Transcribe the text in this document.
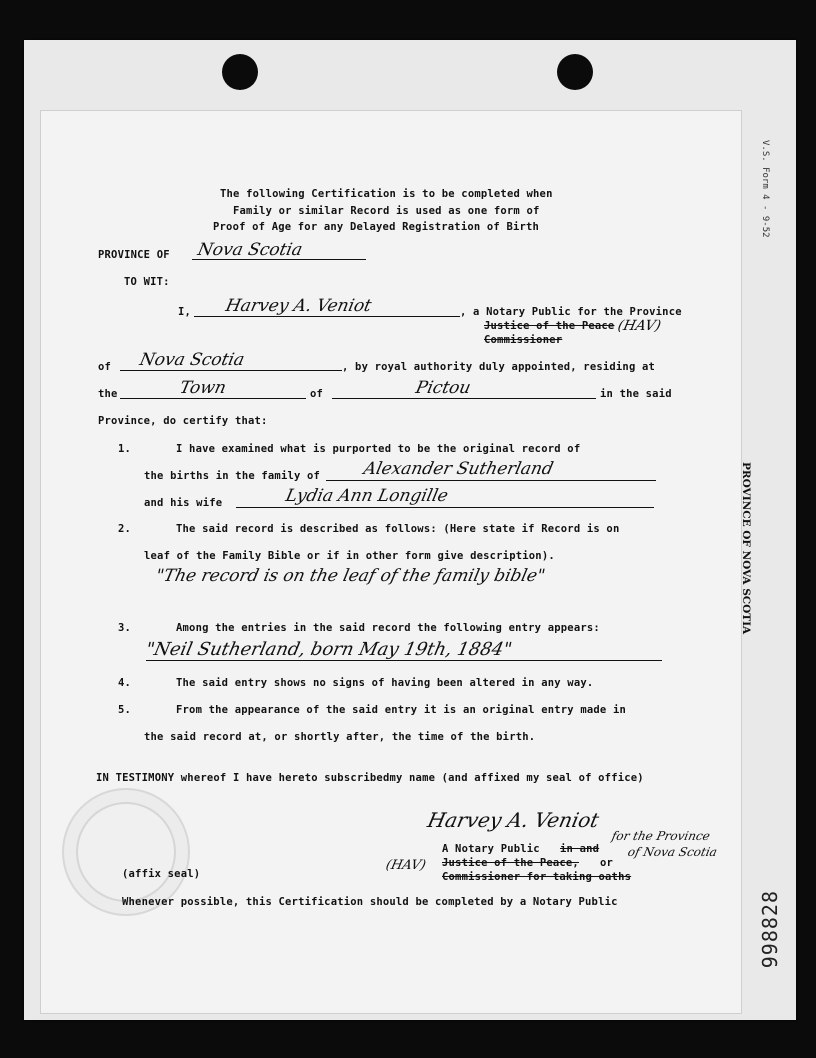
V.S. Form 4 - 9-52
PROVINCE OF NOVA SCOTIA
998828
The following Certification is to be completed when
Family or similar Record is used as one form of
Proof of Age for any Delayed Registration of Birth
PROVINCE OF Nova Scotia
TO WIT:
I, Harvey A. Veniot	, a Notary Public for the Province
Justice of the Peace
Commissioner
(HAV)
of Nova Scotia	, by royal authority duly appointed, residing at
the	Town	of	Pictou	in the said
Province, do certify that:
1.	I have examined what is purported to be the original record of
the births in the family of Alexander Sutherland
and his wife	Lydia Ann Longille
2.	The said record is described as follows: (Here state if Record is on
leaf of the Family Bible or if in other form give description).
"The record is on the leaf of the family bible"
3.	Among the entries in the said record the following entry appears:
"Neil Sutherland, born May 19th, 1884"
4.	The said entry shows no signs of having been altered in any way.
5.	From the appearance of the said entry it is an original entry made in
the said record at, or shortly after, the time of the birth.
IN TESTIMONY whereof I have hereto subscribedmy name (and affixed my seal of office)
Harvey A. Veniot
A Notary Public in and
for the Province
of Nova Scotia
(HAV) Justice of the Peace, or
Commissioner for taking oaths
(affix seal)
Whenever possible, this Certification should be completed by a Notary Public
